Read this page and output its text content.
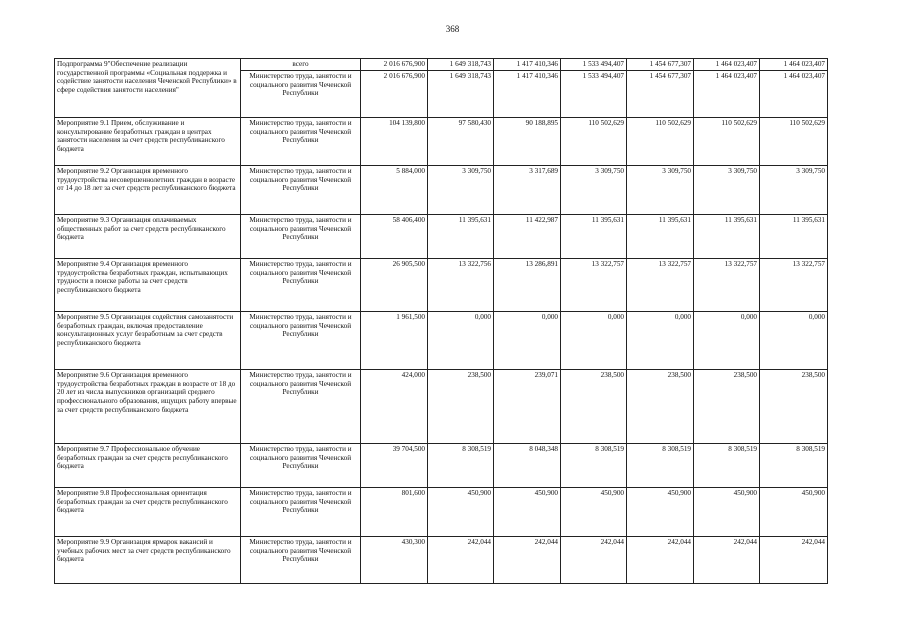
368
Подпрограмма 9"Обеспечение реализации государственной программы «Социальная поддержка и содействие занятости населения Чеченской Республики» в сфере содействия занятости населения"	всего	2 016 676,900	1 649 318,743	1 417 410,346	1 533 494,407	1 454 677,307	1 464 023,407	1 464 023,407
	Министерство труда, занятости и социального развития Чеченской Республики	2 016 676,900	1 649 318,743	1 417 410,346	1 533 494,407	1 454 677,307	1 464 023,407	1 464 023,407
Мероприятие 9.1 Прием, обслуживание и консультирование безработных граждан в центрах занятости населения за счет средств республиканского бюджета	Министерство труда, занятости и социального развития Чеченской Республики	104 139,800	97 580,430	90 188,895	110 502,629	110 502,629	110 502,629	110 502,629
Мероприятие 9.2 Организация временного трудоустройства несовершеннолетних граждан в возрасте от 14 до 18 лет за счет средств республиканского бюджета	Министерство труда, занятости и социального развития Чеченской Республики	5 884,000	3 309,750	3 317,689	3 309,750	3 309,750	3 309,750	3 309,750
Мероприятие 9.3 Организация оплачиваемых общественных работ за счет средств республиканского бюджета	Министерство труда, занятости и социального развития Чеченской Республики	58 406,400	11 395,631	11 422,987	11 395,631	11 395,631	11 395,631	11 395,631
Мероприятие 9.4 Организация временного трудоустройства безработных граждан, испытывающих трудности в поиске работы за счет средств республиканского бюджета	Министерство труда, занятости и социального развития Чеченской Республики	26 905,500	13 322,756	13 286,891	13 322,757	13 322,757	13 322,757	13 322,757
Мероприятие 9.5 Организация содействия самозанятости безработных граждан, включая предоставление консультационных услуг безработным за счет средств республиканского бюджета	Министерство труда, занятости и социального развития Чеченской Республики	1 961,500	0,000	0,000	0,000	0,000	0,000	0,000
Мероприятие 9.6 Организация временного трудоустройства безработных граждан в возрасте от 18 до 20 лет из числа выпускников организаций среднего профессионального образования, ищущих работу впервые за счет средств республиканского бюджета	Министерство труда, занятости и социального развития Чеченской Республики	424,000	238,500	239,071	238,500	238,500	238,500	238,500
Мероприятие 9.7 Профессиональное обучение безработных граждан за счет средств республиканского бюджета	Министерство труда, занятости и социального развития Чеченской Республики	39 704,500	8 308,519	8 048,348	8 308,519	8 308,519	8 308,519	8 308,519
Мероприятие 9.8 Профессиональная ориентация безработных граждан за счет средств республиканского бюджета	Министерство труда, занятости и социального развития Чеченской Республики	801,600	450,900	450,900	450,900	450,900	450,900	450,900
Мероприятие 9.9 Организация ярмарок вакансий и учебных рабочих мест за счет средств республиканского бюджета	Министерство труда, занятости и социального развития Чеченской Республики	430,300	242,044	242,044	242,044	242,044	242,044	242,044
